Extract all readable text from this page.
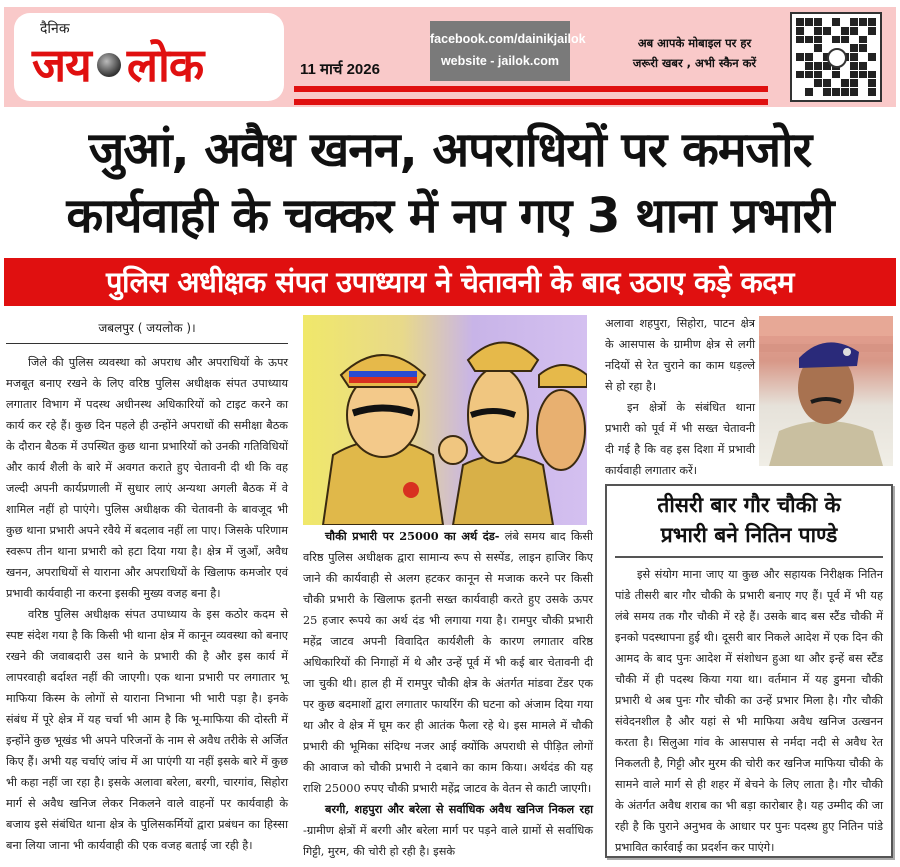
दैनिक
जय लोक	11 मार्च 2026
facebook.com/dainikjailok
website - jailok.com
अब आपके मोबाइल पर हर
जरूरी खबर , अभी स्कैन करें
जुआं, अवैध खनन, अपराधियों पर कमजोर
कार्यवाही के चक्कर में नप गए 3 थाना प्रभारी
पुलिस अधीक्षक संपत उपाध्याय ने चेतावनी के बाद उठाए कड़े कदम
जबलपुर ( जयलोक )।

जिले की पुलिस व्यवस्था को अपराध और अपराधियों के ऊपर मजबूत बनाए रखने के लिए वरिष्ठ पुलिस अधीक्षक संपत उपाध्याय लगातार विभाग में पदस्थ अधीनस्थ अधिकारियों को टाइट करने का कार्य कर रहे हैं। कुछ दिन पहले ही उन्होंने अपराधों की समीक्षा बैठक के दौरान बैठक में उपस्थित कुछ थाना प्रभारियों को उनकी गतिविधियों और कार्य शैली के बारे में अवगत कराते हुए चेतावनी दी थी कि वह जल्दी अपनी कार्यप्रणाली में सुधार लाएं अन्यथा अगली बैठक में वे शामिल नहीं हो पाएंगे। पुलिस अधीक्षक की चेतावनी के बावजूद भी कुछ थाना प्रभारी अपने रवैये में बदलाव नहीं ला पाए। जिसके परिणाम स्वरूप तीन थाना प्रभारी को हटा दिया गया है। क्षेत्र में जुआँ, अवैध खनन, अपराधियों से याराना और अपराधियों के खिलाफ कमजोर एवं प्रभावी कार्यवाही ना करना इसकी मुख्य वजह बना है।

वरिष्ठ पुलिस अधीक्षक संपत उपाध्याय के इस कठोर कदम से स्पष्ट संदेश गया है कि किसी भी थाना क्षेत्र में कानून व्यवस्था को बनाए रखने की जवाबदारी उस थाने के प्रभारी की है और इस कार्य में लापरवाही बर्दाश्त नहीं की जाएगी। एक थाना प्रभारी पर लगातार भू माफिया किस्म के लोगों से याराना निभाना भी भारी पड़ा है। इनके संबंध में पूरे क्षेत्र में यह चर्चा भी आम है कि भू-माफिया की दोस्ती में इन्होंने कुछ भूखंड भी अपने परिजनों के नाम से अवैध तरीके से अर्जित किए हैं। अभी यह चर्चाएं जांच में आ पाएंगी या नहीं इसके बारे में कुछ भी कहा नहीं जा रहा है। इसके अलावा बरेला, बरगी, चारगांव, सिहोरा मार्ग से अवैध खनिज लेकर निकलने वाले वाहनों पर कार्यवाही के बजाय इसे संबंधित थाना क्षेत्र के पुलिसकर्मियों द्वारा प्रबंधन का हिस्सा बना लिया जाना भी कार्यवाही की एक वजह बताई जा रही है।

चौकी प्रभारी पर 25000 का अर्थ दंड- लंबे समय बाद किसी वरिष्ठ पुलिस अधीक्षक द्वारा सामान्य रूप से सस्पेंड, लाइन हाजिर किए जाने की कार्यवाही से अलग हटकर कानून से मजाक करने पर किसी चौकी प्रभारी के खिलाफ इतनी सख्त कार्यवाही करते हुए उसके ऊपर 25 हजार रूपये का अर्थ दंड भी लगाया गया है। रामपुर चौकी प्रभारी महेंद्र जाटव अपनी विवादित कार्यशैली के कारण लगातार वरिष्ठ अधिकारियों की निगाहों में थे और उन्हें पूर्व में भी कई बार चेतावनी दी जा चुकी थी। हाल ही में रामपुर चौकी क्षेत्र के अंतर्गत मांडवा टेंडर एक पर कुछ बदमाशों द्वारा लगातार फायरिंग की घटना को अंजाम दिया गया था और वे क्षेत्र में घूम कर ही आतंक फैला रहे थे। इस मामले में चौकी प्रभारी की भूमिका संदिग्ध नजर आई क्योंकि अपराधी से पीड़ित लोगों की आवाज को चौकी प्रभारी ने दबाने का काम किया। अर्थदंड की यह राशि 25000 रुपए चौकी प्रभारी महेंद्र जाटव के वेतन से काटी जाएगी।

बरगी, शहपुरा और बरेला से सर्वाधिक अवैध खनिज निकल रहा -ग्रामीण क्षेत्रों में बरगी और बरेला मार्ग पर पड़ने वाले ग्रामों से सर्वाधिक गिट्टी, मुरम, की चोरी हो रही है। इसके

अलावा शहपुरा, सिहोरा, पाटन क्षेत्र के आसपास के ग्रामीण क्षेत्र से लगी नदियों से रेत चुराने का काम धड़ल्ले से हो रहा है।

इन क्षेत्रों के संबंधित थाना प्रभारी को पूर्व में भी सख्त चेतावनी दी गई है कि वह इस दिशा में प्रभावी कार्यवाही लगातार करें।

तीसरी बार गौर चौकी के
प्रभारी बने नितिन पाण्डे

इसे संयोग माना जाए या कुछ और सहायक निरीक्षक नितिन पांडे तीसरी बार गौर चौकी के प्रभारी बनाए गए हैं। पूर्व में भी यह लंबे समय तक गौर चौकी में रहे हैं। उसके बाद बस स्टैंड चौकी में इनको पदस्थापना हुई थी। दूसरी बार निकले आदेश में एक दिन की आमद के बाद पुनः आदेश में संशोधन हुआ था और इन्हें बस स्टैंड चौकी में ही पदस्थ किया गया था। वर्तमान में यह डुमना चौकी प्रभारी थे अब पुनः गौर चौकी का उन्हें प्रभार मिला है। गौर चौकी संवेदनशील है और यहां से भी माफिया अवैध खनिज उत्खनन करता है। सिलुआ गांव के आसपास से नर्मदा नदी से अवैध रेत निकलती है, गिट्टी और मुरम की चोरी कर खनिज माफिया चौकी के सामने वाले मार्ग से ही शहर में बेचने के लिए लाता है। गौर चौकी के अंतर्गत अवैध शराब का भी बड़ा कारोबार है। यह उम्मीद की जा रही है कि पुराने अनुभव के आधार पर पुनः पदस्थ हुए नितिन पांडे प्रभावित कार्रवाई का प्रदर्शन कर पाएंगे।
